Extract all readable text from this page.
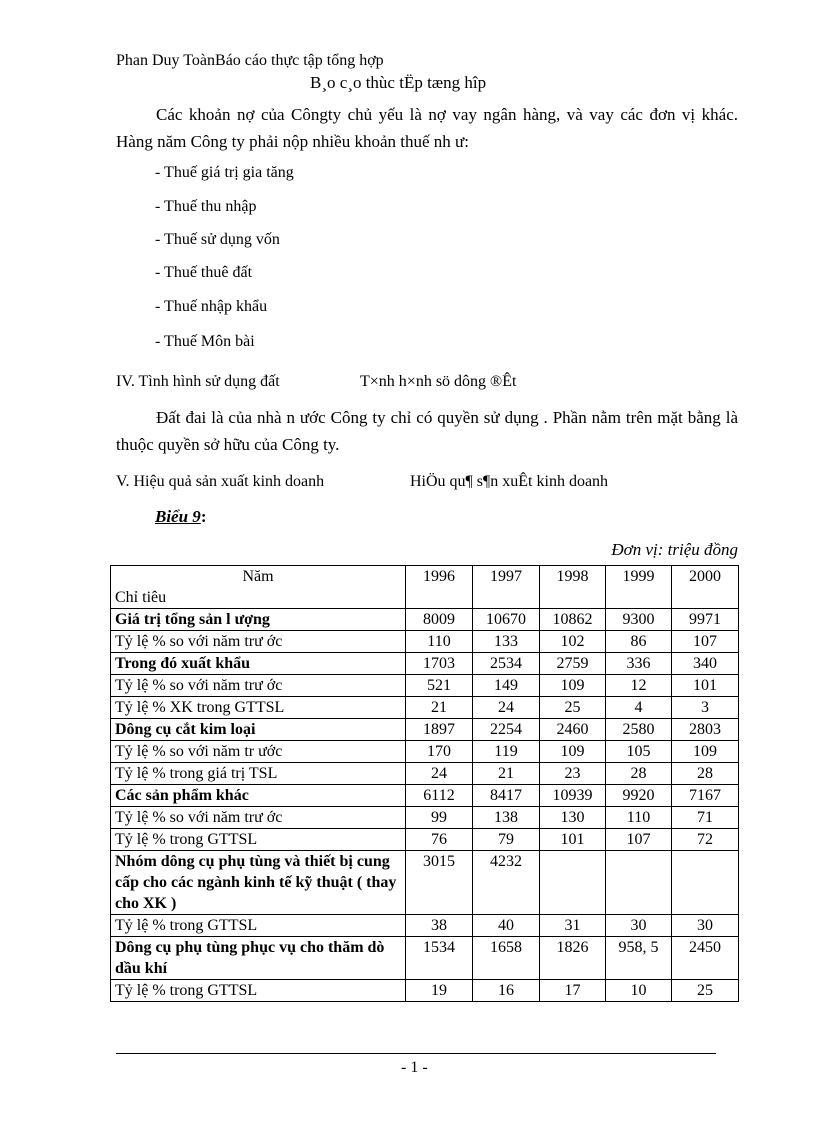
Phan Duy ToànBáo cáo thực tập tổng hợp
B¸o c¸o thùc tËp tæng hîp
Các khoản nợ của Côngty chủ yếu là nợ vay ngân hàng, và vay các đơn vị khác. Hàng năm Công ty phải nộp nhiều khoản thuế nh ư:
- Thuế giá trị gia tăng
- Thuế thu nhập
- Thuế sử dụng vốn
- Thuế thuê đất
- Thuế nhập khẩu
- Thuế Môn bài
IV. Tình hình sử dụng đất	T×nh h×nh sö dông ®Êt
Đất đai là của nhà n ước Công ty chỉ có quyền sử dụng . Phần nằm trên mặt bằng là thuộc quyền sở hữu của Công ty.
V. Hiệu quả sản xuất kinh doanh	HiÖu qu¶ s¶n xuÊt kinh doanh
Biểu 9:
Đơn vị: triệu đồng
Năm
Chỉ tiêu	1996	1997	1998	1999	2000
Giá trị tổng sản l ượng	8009	10670	10862	9300	9971
Tỷ lệ % so với năm trư ớc	110	133	102	86	107
Trong đó xuất khẩu	1703	2534	2759	336	340
Tỷ lệ % so với năm trư ớc	521	149	109	12	101
Tỷ lệ % XK trong GTTSL	21	24	25	4	3
Dông cụ cắt kim loại	1897	2254	2460	2580	2803
Tỷ lệ % so với năm tr ước	170	119	109	105	109
Tỷ lệ % trong giá trị TSL	24	21	23	28	28
Các sản phẩm khác	6112	8417	10939	9920	7167
Tỷ lệ % so với năm trư ớc	99	138	130	110	71
Tỷ lệ % trong GTTSL	76	79	101	107	72
Nhóm dông cụ phụ tùng và thiết bị cung cấp cho các ngành kinh tế kỹ thuật ( thay cho XK )	3015	4232			
Tỷ lệ % trong GTTSL	38	40	31	30	30
Dông cụ phụ tùng phục vụ cho thăm dò dầu khí	1534	1658	1826	958, 5	2450
Tỷ lệ % trong GTTSL	19	16	17	10	25
- 1 -
